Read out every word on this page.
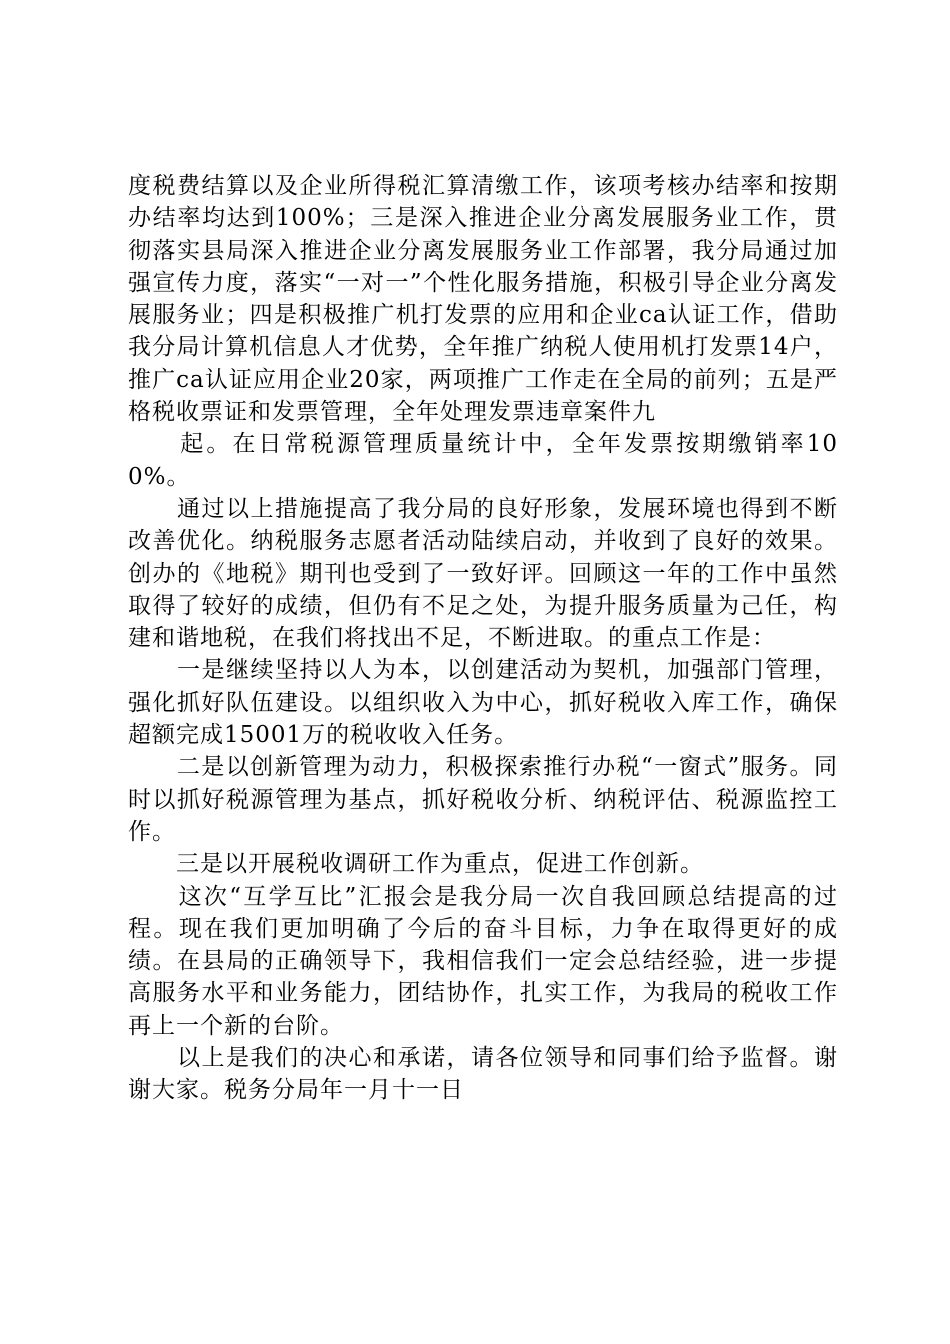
度税费结算以及企业所得税汇算清缴工作，该项考核办结率和按期办结率均达到100%；三是深入推进企业分离发展服务业工作，贯彻落实县局深入推进企业分离发展服务业工作部署，我分局通过加强宣传力度，落实“一对一”个性化服务措施，积极引导企业分离发展服务业；四是积极推广机打发票的应用和企业ca认证工作，借助我分局计算机信息人才优势，全年推广纳税人使用机打发票14户，推广ca认证应用企业20家，两项推广工作走在全局的前列；五是严格税收票证和发票管理，全年处理发票违章案件九

　　起。在日常税源管理质量统计中，全年发票按期缴销率100%。

　　通过以上措施提高了我分局的良好形象，发展环境也得到不断改善优化。纳税服务志愿者活动陆续启动，并收到了良好的效果。创办的《地税》期刊也受到了一致好评。回顾这一年的工作中虽然取得了较好的成绩，但仍有不足之处，为提升服务质量为己任，构建和谐地税，在我们将找出不足，不断进取。的重点工作是：

　　一是继续坚持以人为本，以创建活动为契机，加强部门管理，强化抓好队伍建设。以组织收入为中心，抓好税收入库工作，确保超额完成15001万的税收收入任务。

　　二是以创新管理为动力，积极探索推行办税“一窗式”服务。同时以抓好税源管理为基点，抓好税收分析、纳税评估、税源监控工作。

　　三是以开展税收调研工作为重点，促进工作创新。

　　这次“互学互比”汇报会是我分局一次自我回顾总结提高的过程。现在我们更加明确了今后的奋斗目标，力争在取得更好的成绩。在县局的正确领导下，我相信我们一定会总结经验，进一步提高服务水平和业务能力，团结协作，扎实工作，为我局的税收工作再上一个新的台阶。

　　以上是我们的决心和承诺，请各位领导和同事们给予监督。谢谢大家。税务分局年一月十一日
